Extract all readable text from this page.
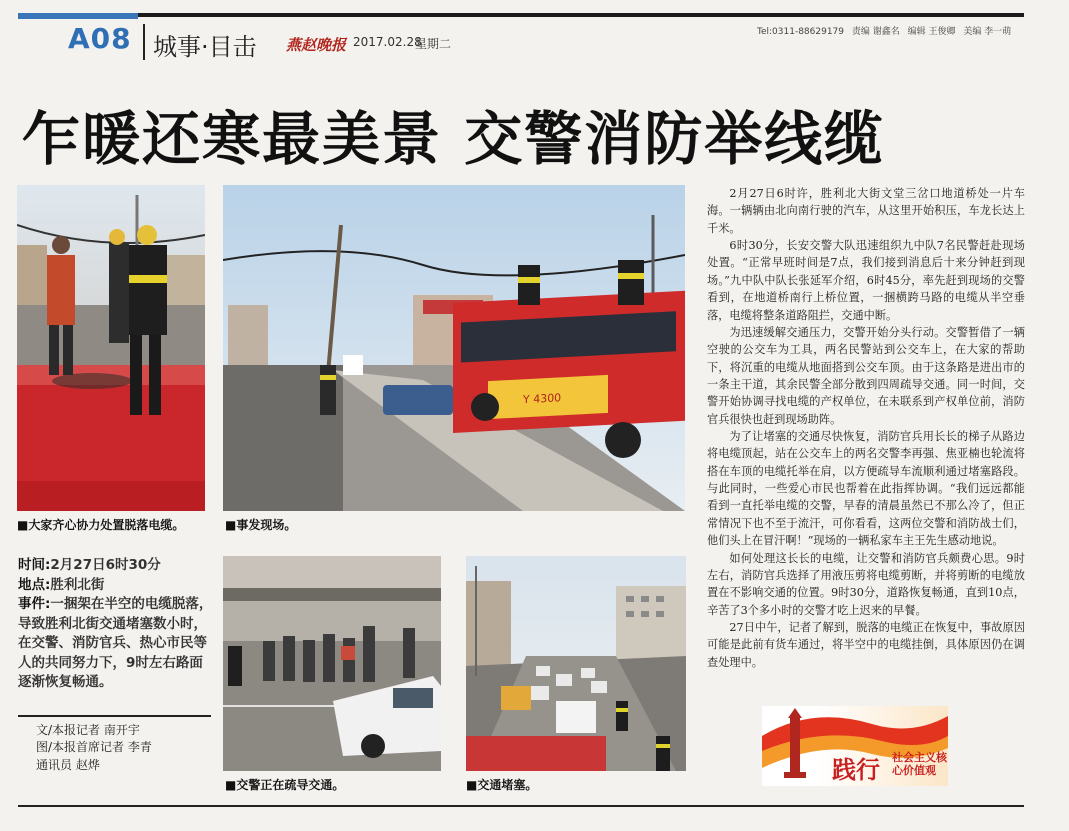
A08 城事·目击 燕赵晚报 2017.02.28
星期二
Tel:0311-88629179 责编 谢鑫名 编辑 王俊卿 美编 李一萌
乍暖还寒最美景 交警消防举线缆
■大家齐心协力处置脱落电缆。
Y 4300
■事发现场。
时间:2月27日6时30分
地点:胜利北街
事件:一捆架在半空的电缆脱落，导致胜利北街交通堵塞数小时，在交警、消防官兵、热心市民等人的共同努力下，9时左右路面逐渐恢复畅通。
文/本报记者 南开宇
图/本报首席记者 李青
通讯员 赵烨
■交警正在疏导交通。	■交通堵塞。

2月27日6时许，胜利北大街文堂三岔口地道桥处一片车海。一辆辆由北向南行驶的汽车，从这里开始积压，车龙长达上千米。

6时30分，长安交警大队迅速组织九中队7名民警赶赴现场处置。“正常早班时间是7点，我们接到消息后十来分钟赶到现场。”九中队中队长张延军介绍，6时45分，率先赶到现场的交警看到，在地道桥南行上桥位置，一捆横跨马路的电缆从半空垂落，电缆将整条道路阻拦，交通中断。

为迅速缓解交通压力，交警开始分头行动。交警暂借了一辆空驶的公交车为工具，两名民警站到公交车上，在大家的帮助下，将沉重的电缆从地面搭到公交车顶。由于这条路是进出市的一条主干道，其余民警全部分散到四周疏导交通。同一时间，交警开始协调寻找电缆的产权单位，在未联系到产权单位前，消防官兵很快也赶到现场助阵。

为了让堵塞的交通尽快恢复，消防官兵用长长的梯子从路边将电缆顶起，站在公交车上的两名交警李再强、焦亚楠也轮流将搭在车顶的电缆托举在肩，以方便疏导车流顺利通过堵塞路段。与此同时，一些爱心市民也帮着在此指挥协调。“我们远远都能看到一直托举电缆的交警，早春的清晨虽然已不那么冷了，但正常情况下也不至于流汗，可你看看，这两位交警和消防战士们，他们头上在冒汗啊！”现场的一辆私家车主王先生感动地说。

如何处理这长长的电缆，让交警和消防官兵颇费心思。9时左右，消防官兵选择了用液压剪将电缆剪断，并将剪断的电缆放置在不影响交通的位置。9时30分，道路恢复畅通，直到10点，辛苦了3个多小时的交警才吃上迟来的早餐。

27日中午，记者了解到，脱落的电缆正在恢复中，事故原因可能是此前有货车通过，将半空中的电缆挂倒，具体原因仍在调查处理中。

践行 社会主义核心价值观
